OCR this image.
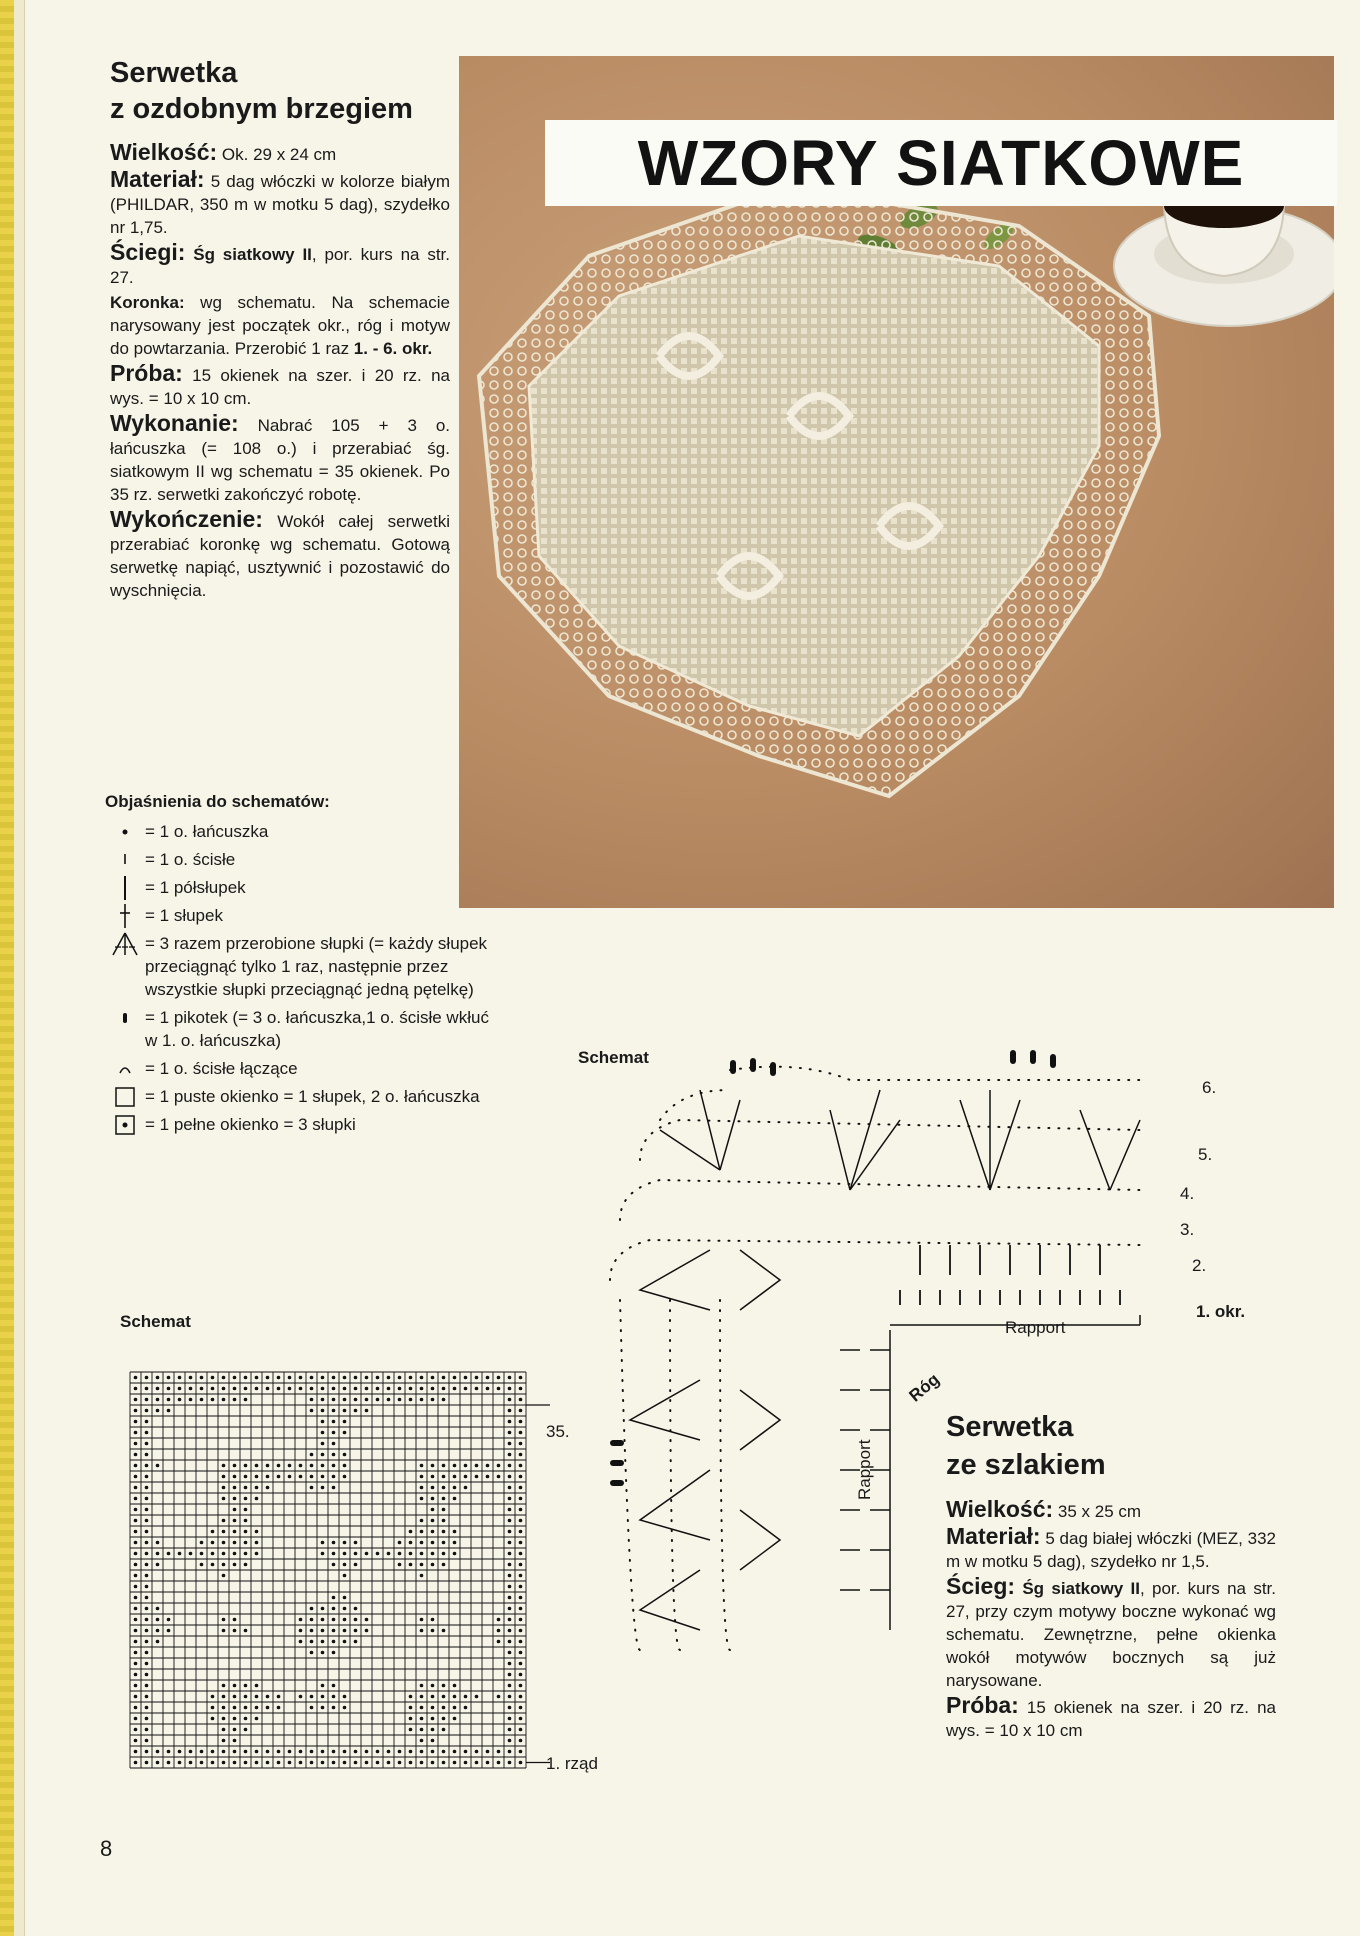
Serwetka
z ozdobnym brzegiem

Wielkość: Ok. 29 x 24 cm

Materiał: 5 dag włóczki w kolorze białym (PHILDAR, 350 m w motku 5 dag), szydełko nr 1,75.

Ściegi: Śg siatkowy II, por. kurs na str. 27.

Koronka: wg schematu. Na schemacie narysowany jest początek okr., róg i motyw do powtarzania. Przerobić 1 raz 1. - 6. okr.

Próba: 15 okienek na szer. i 20 rz. na wys. = 10 x 10 cm.

Wykonanie: Nabrać 105 + 3 o. łańcuszka (= 108 o.) i przerabiać śg. siatkowym II wg schematu = 35 okienek. Po 35 rz. serwetki zakończyć robotę.

Wykończenie: Wokół całej serwetki przerabiać koronkę wg schematu. Gotową serwetkę napiąć, usztywnić i pozostawić do wyschnięcia.

Objaśnienia do schematów:
= 1 o. łańcuszka
= 1 o. ścisłe
= 1 półsłupek
= 1 słupek
= 3 razem przerobione słupki (= każdy słupek przeciągnąć tylko 1 raz, następnie przez wszystkie słupki przeciągnąć jedną pętelkę)
= 1 pikotek (= 3 o. łańcuszka,1 o. ścisłe wkłuć w 1. o. łańcuszka)
= 1 o. ścisłe łączące
= 1 puste okienko = 1 słupek, 2 o. łańcuszka
= 1 pełne okienko = 3 słupki
WZORY SIATKOWE
Schemat
35.
1. rząd
Schemat
6.
5.
4.
3.
2.
1. okr.
Rapport
Rapport
Róg
Serwetka
ze szlakiem

Wielkość: 35 x 25 cm

Materiał: 5 dag białej włóczki (MEZ, 332 m w motku 5 dag), szydełko nr 1,5.

Ścieg: Śg siatkowy II, por. kurs na str. 27, przy czym motywy boczne wykonać wg schematu. Zewnętrzne, pełne okienka wokół motywów bocznych są już narysowane.

Próba: 15 okienek na szer. i 20 rz. na wys. = 10 x 10 cm

8
